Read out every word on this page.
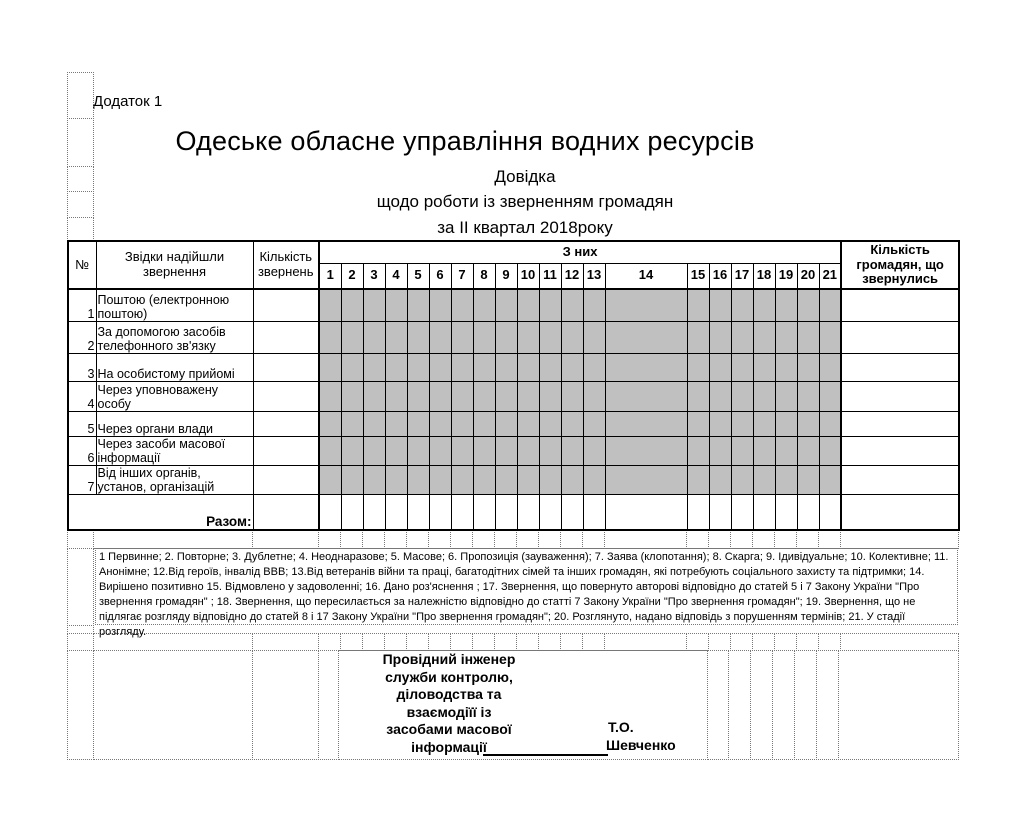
Додаток 1
Одеське обласне управління водних ресурсів
Довідка
щодо роботи із зверненням громадян
за II квартал 2018року
№	Звідки надійшли звернення	Кількість звернень	З них																					Кількість громадян, що звернулись
			1	2	3	4	5	6	7	8	9	10	11	12	13	14	15	16	17	18	19	20	21	
1	Поштою (електронною поштою)																							
2	За допомогою засобів телефонного зв'язку																							
3	На особистому прийомі																							
4	Через уповноважену особу																							
5	Через органи влади																							
6	Через засоби масової інформації																							
7	Від інших органів, установ, організацій																							
Разом:																								
1 Первинне; 2. Повторне; 3. Дублетне; 4. Неоднаразове; 5. Масове; 6. Пропозиція (зауваження); 7. Заява (клопотання); 8. Скарга; 9. Ідивідуальне; 10. Колективне; 11. Анонімне; 12.Від героїв, інвалід ВВВ; 13.Від ветеранів війни та праці, багатодітних сімей та інших громадян, які потребують соціального захисту та підтримки; 14. Вирішено позитивно 15. Відмовлено у задоволенні; 16. Дано роз'яснення ; 17. Звернення, що повернуто авторові відповідно до статей 5 і 7 Закону України "Про звернення громадян" ; 18. Звернення, що пересилається за належністю відповідно до статті 7 Закону України "Про звернення громадян"; 19. Звернення, що не підлягає розгляду відповідно до статей 8 і 17 Закону України "Про звернення громадян"; 20. Розглянуто, надано відповідь з порушенням термінів; 21. У стадії розгляду.
Провідний інженер
служби контролю,
діловодства та
взаємодіїї із
засобами масової
інформації
Т.О.
Шевченко
